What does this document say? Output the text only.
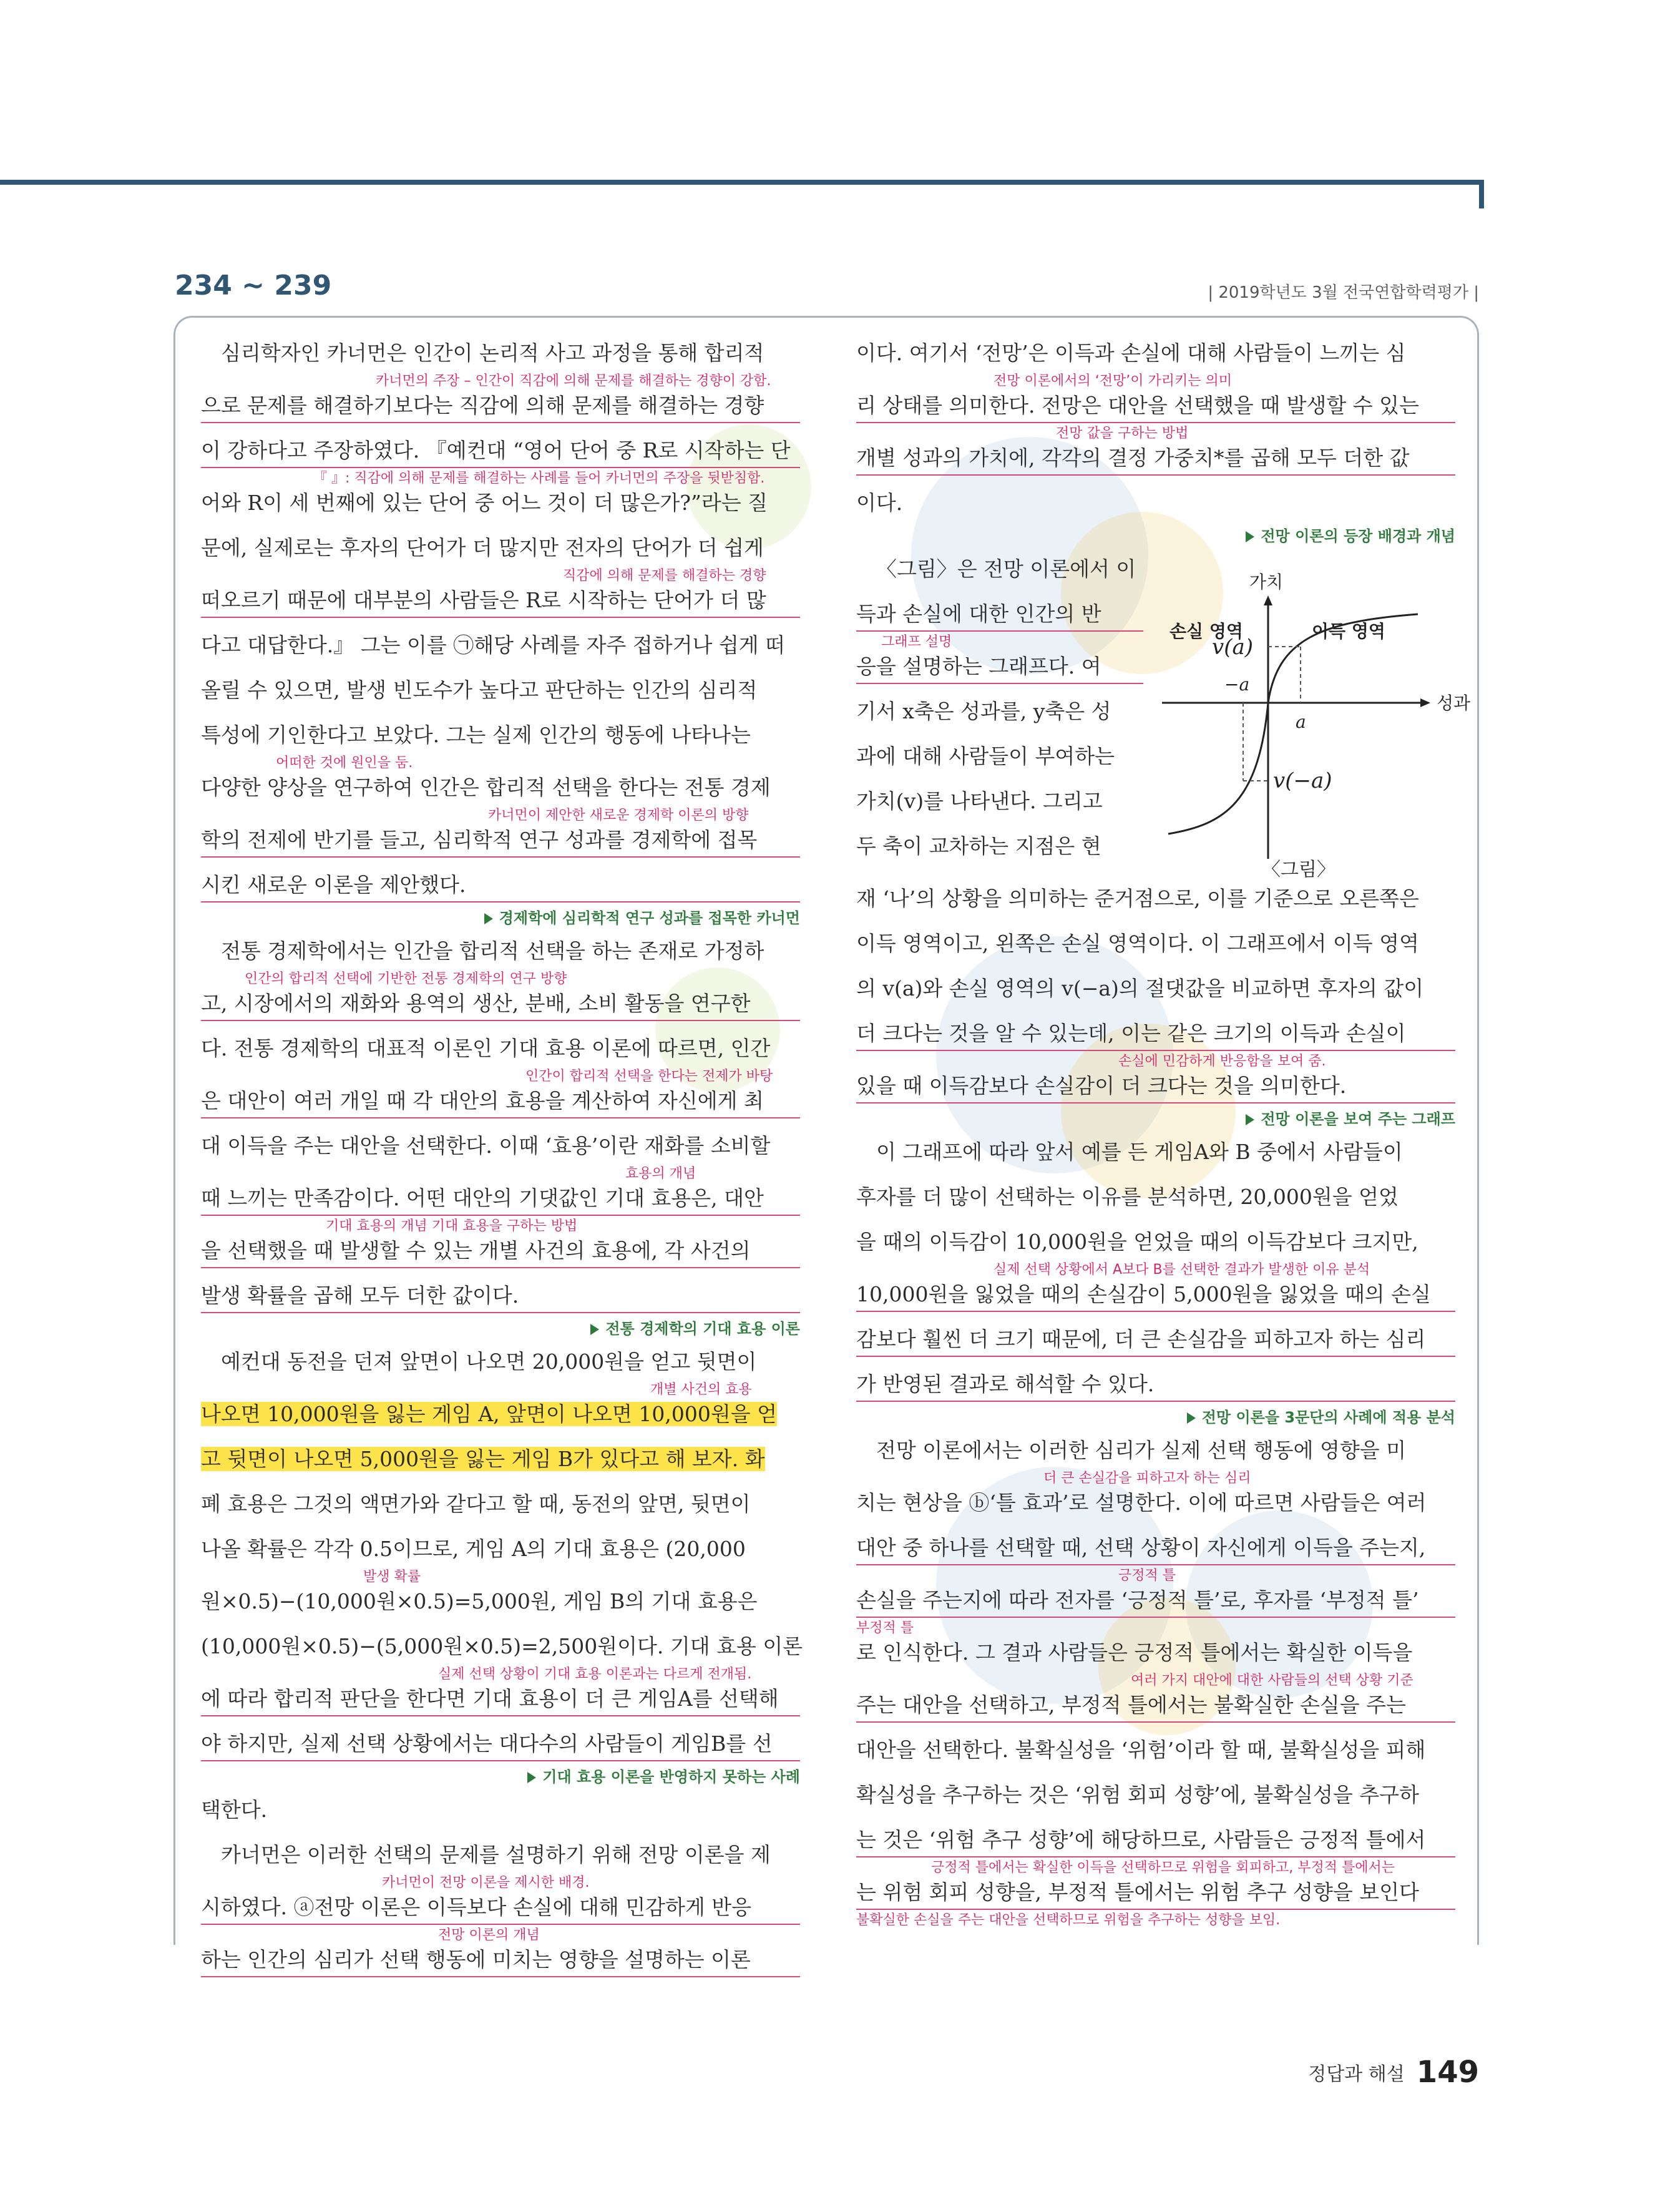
234 ~ 239	| 2019학년도 3월 전국연합학력평가 |
심리학자인 카너먼은 인간이 논리적 사고 과정을 통해 합리적
카너먼의 주장 – 인간이 직감에 의해 문제를 해결하는 경향이 강함.
으로 문제를 해결하기보다는 직감에 의해 문제를 해결하는 경향
이 강하다고 주장하였다. 『예컨대 “영어 단어 중 R로 시작하는 단
『 』: 직감에 의해 문제를 해결하는 사례를 들어 카너먼의 주장을 뒷받침함.
어와 R이 세 번째에 있는 단어 중 어느 것이 더 많은가?”라는 질
문에, 실제로는 후자의 단어가 더 많지만 전자의 단어가 더 쉽게
직감에 의해 문제를 해결하는 경향
떠오르기 때문에 대부분의 사람들은 R로 시작하는 단어가 더 많
다고 대답한다.』 그는 이를 ㉠해당 사례를 자주 접하거나 쉽게 떠
올릴 수 있으면, 발생 빈도수가 높다고 판단하는 인간의 심리적
특성에 기인한다고 보았다. 그는 실제 인간의 행동에 나타나는
어떠한 것에 원인을 둠.
다양한 양상을 연구하여 인간은 합리적 선택을 한다는 전통 경제
카너먼이 제안한 새로운 경제학 이론의 방향
학의 전제에 반기를 들고, 심리학적 연구 성과를 경제학에 접목
시킨 새로운 이론을 제안했다.
경제학에 심리학적 연구 성과를 접목한 카너먼
전통 경제학에서는 인간을 합리적 선택을 하는 존재로 가정하
인간의 합리적 선택에 기반한 전통 경제학의 연구 방향
고, 시장에서의 재화와 용역의 생산, 분배, 소비 활동을 연구한
다. 전통 경제학의 대표적 이론인 기대 효용 이론에 따르면, 인간
인간이 합리적 선택을 한다는 전제가 바탕
은 대안이 여러 개일 때 각 대안의 효용을 계산하여 자신에게 최
대 이득을 주는 대안을 선택한다. 이때 ‘효용’이란 재화를 소비할
효용의 개념
때 느끼는 만족감이다. 어떤 대안의 기댓값인 기대 효용은, 대안
기대 효용의 개념 기대 효용을 구하는 방법
을 선택했을 때 발생할 수 있는 개별 사건의 효용에, 각 사건의
발생 확률을 곱해 모두 더한 값이다.
전통 경제학의 기대 효용 이론
예컨대 동전을 던져 앞면이 나오면 20,000원을 얻고 뒷면이
개별 사건의 효용
나오면 10,000원을 잃는 게임 A, 앞면이 나오면 10,000원을 얻
고 뒷면이 나오면 5,000원을 잃는 게임 B가 있다고 해 보자. 화
폐 효용은 그것의 액면가와 같다고 할 때, 동전의 앞면, 뒷면이
나올 확률은 각각 0.5이므로, 게임 A의 기대 효용은 (20,000
발생 확률
원×0.5)−(10,000원×0.5)=5,000원, 게임 B의 기대 효용은
(10,000원×0.5)−(5,000원×0.5)=2,500원이다. 기대 효용 이론
실제 선택 상황이 기대 효용 이론과는 다르게 전개됨.
에 따라 합리적 판단을 한다면 기대 효용이 더 큰 게임A를 선택해
야 하지만, 실제 선택 상황에서는 대다수의 사람들이 게임B를 선
기대 효용 이론을 반영하지 못하는 사례
택한다.
카너먼은 이러한 선택의 문제를 설명하기 위해 전망 이론을 제
카너먼이 전망 이론을 제시한 배경.
시하였다. ⓐ전망 이론은 이득보다 손실에 대해 민감하게 반응
전망 이론의 개념
하는 인간의 심리가 선택 행동에 미치는 영향을 설명하는 이론
이다. 여기서 ‘전망’은 이득과 손실에 대해 사람들이 느끼는 심
전망 이론에서의 ‘전망’이 가리키는 의미
리 상태를 의미한다. 전망은 대안을 선택했을 때 발생할 수 있는
전망 값을 구하는 방법
개별 성과의 가치에, 각각의 결정 가중치*를 곱해 모두 더한 값
이다.
전망 이론의 등장 배경과 개념
〈그림〉은 전망 이론에서 이
득과 손실에 대한 인간의 반
그래프 설명
응을 설명하는 그래프다. 여
기서 x축은 성과를, y축은 성
과에 대해 사람들이 부여하는
가치(v)를 나타낸다. 그리고
두 축이 교차하는 지점은 현
가치
성과
손실 영역	이득 영역
v(a)
−a
a
v(−a)
〈그림〉
재 ‘나’의 상황을 의미하는 준거점으로, 이를 기준으로 오른쪽은
이득 영역이고, 왼쪽은 손실 영역이다. 이 그래프에서 이득 영역
의 v(a)와 손실 영역의 v(−a)의 절댓값을 비교하면 후자의 값이
더 크다는 것을 알 수 있는데, 이는 같은 크기의 이득과 손실이
손실에 민감하게 반응함을 보여 줌.
있을 때 이득감보다 손실감이 더 크다는 것을 의미한다.
전망 이론을 보여 주는 그래프
이 그래프에 따라 앞서 예를 든 게임A와 B 중에서 사람들이
후자를 더 많이 선택하는 이유를 분석하면, 20,000원을 얻었
을 때의 이득감이 10,000원을 얻었을 때의 이득감보다 크지만,
실제 선택 상황에서 A보다 B를 선택한 결과가 발생한 이유 분석
10,000원을 잃었을 때의 손실감이 5,000원을 잃었을 때의 손실
감보다 훨씬 더 크기 때문에, 더 큰 손실감을 피하고자 하는 심리
가 반영된 결과로 해석할 수 있다.
전망 이론을 3문단의 사례에 적용 분석
전망 이론에서는 이러한 심리가 실제 선택 행동에 영향을 미
더 큰 손실감을 피하고자 하는 심리
치는 현상을 ⓑ‘틀 효과’로 설명한다. 이에 따르면 사람들은 여러
대안 중 하나를 선택할 때, 선택 상황이 자신에게 이득을 주는지,
긍정적 틀
손실을 주는지에 따라 전자를 ‘긍정적 틀’로, 후자를 ‘부정적 틀’
부정적 틀
로 인식한다. 그 결과 사람들은 긍정적 틀에서는 확실한 이득을
여러 가지 대안에 대한 사람들의 선택 상황 기준
주는 대안을 선택하고, 부정적 틀에서는 불확실한 손실을 주는
대안을 선택한다. 불확실성을 ‘위험’이라 할 때, 불확실성을 피해
확실성을 추구하는 것은 ‘위험 회피 성향’에, 불확실성을 추구하
는 것은 ‘위험 추구 성향’에 해당하므로, 사람들은 긍정적 틀에서
긍정적 틀에서는 확실한 이득을 선택하므로 위험을 회피하고, 부정적 틀에서는
는 위험 회피 성향을, 부정적 틀에서는 위험 추구 성향을 보인다
불확실한 손실을 주는 대안을 선택하므로 위험을 추구하는 성향을 보임.
정답과 해설 149
